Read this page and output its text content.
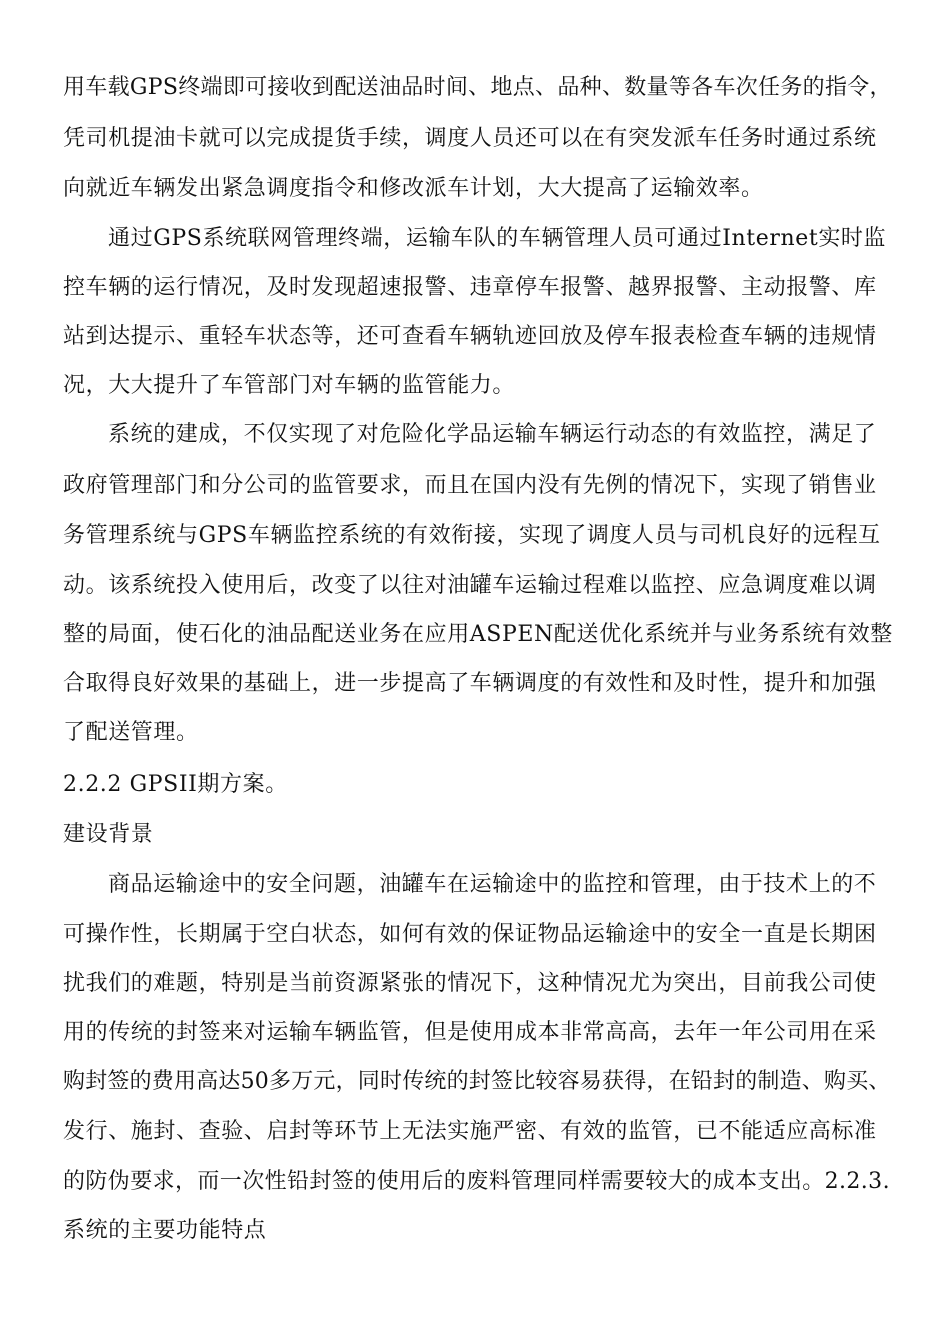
用车载GPS终端即可接收到配送油品时间、地点、品种、数量等各车次任务的指令，
凭司机提油卡就可以完成提货手续，调度人员还可以在有突发派车任务时通过系统
向就近车辆发出紧急调度指令和修改派车计划，大大提高了运输效率。
通过GPS系统联网管理终端，运输车队的车辆管理人员可通过Internet实时监
控车辆的运行情况，及时发现超速报警、违章停车报警、越界报警、主动报警、库
站到达提示、重轻车状态等，还可查看车辆轨迹回放及停车报表检查车辆的违规情
况，大大提升了车管部门对车辆的监管能力。
系统的建成，不仅实现了对危险化学品运输车辆运行动态的有效监控，满足了
政府管理部门和分公司的监管要求，而且在国内没有先例的情况下，实现了销售业
务管理系统与GPS车辆监控系统的有效衔接，实现了调度人员与司机良好的远程互
动。该系统投入使用后，改变了以往对油罐车运输过程难以监控、应急调度难以调
整的局面，使石化的油品配送业务在应用ASPEN配送优化系统并与业务系统有效整
合取得良好效果的基础上，进一步提高了车辆调度的有效性和及时性，提升和加强
了配送管理。
2.2.2 GPSII期方案。
建设背景
商品运输途中的安全问题，油罐车在运输途中的监控和管理，由于技术上的不
可操作性，长期属于空白状态，如何有效的保证物品运输途中的安全一直是长期困
扰我们的难题，特别是当前资源紧张的情况下，这种情况尤为突出，目前我公司使
用的传统的封签来对运输车辆监管，但是使用成本非常高高，去年一年公司用在采
购封签的费用高达50多万元，同时传统的封签比较容易获得，在铅封的制造、购买、
发行、施封、查验、启封等环节上无法实施严密、有效的监管，已不能适应高标准
的防伪要求，而一次性铅封签的使用后的废料管理同样需要较大的成本支出。2.2.3.
系统的主要功能特点
